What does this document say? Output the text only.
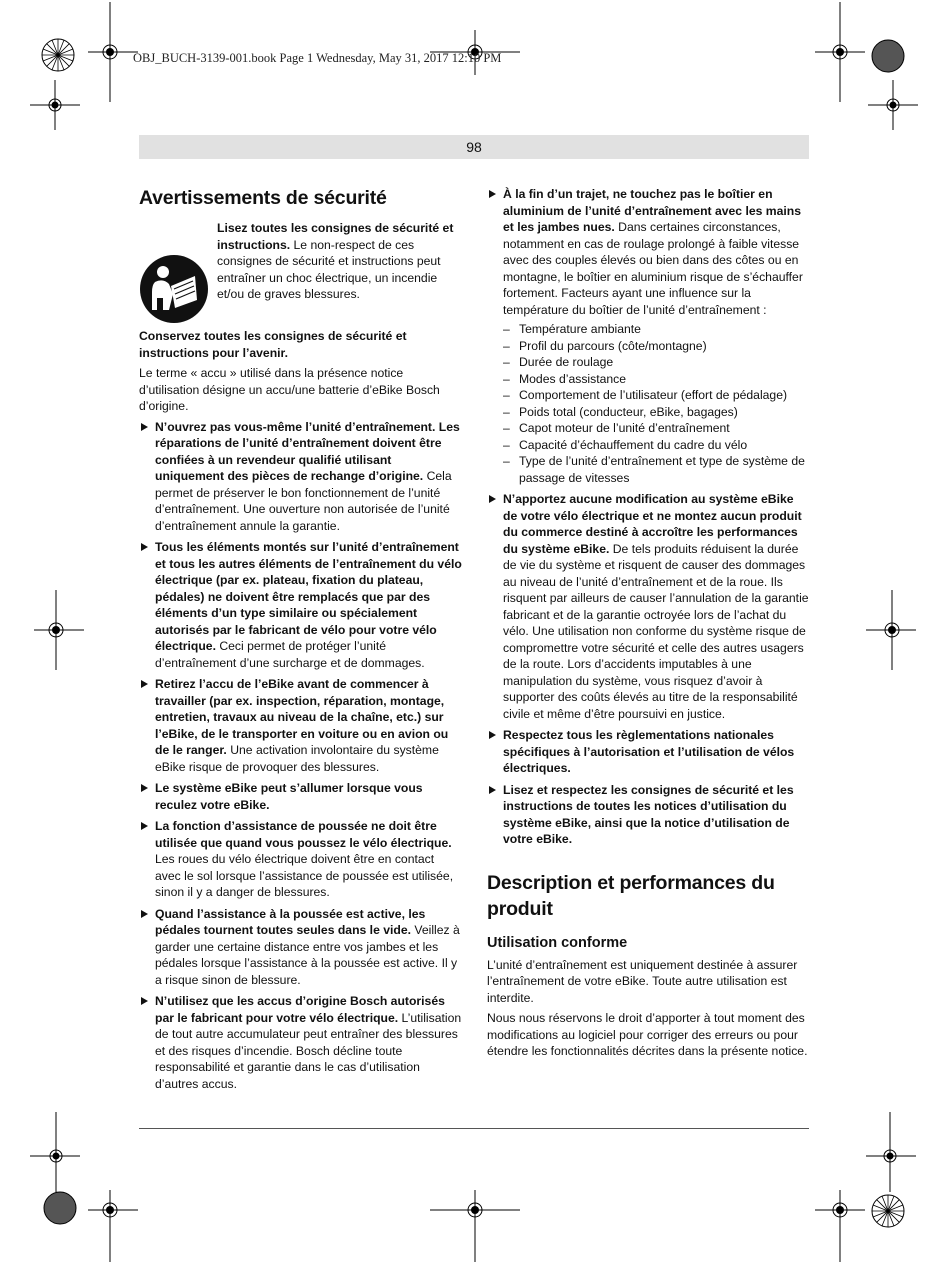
OBJ_BUCH-3139-001.book Page 1 Wednesday, May 31, 2017 12:10 PM
98
Avertissements de sécurité
Lisez toutes les consignes de sécurité et instructions. Le non-respect de ces consignes de sécurité et instructions peut entraîner un choc électrique, un incendie et/ou de graves blessures.

Conservez toutes les consignes de sécurité et instructions pour l’avenir.

Le terme « accu » utilisé dans la présence notice d’utilisation désigne un accu/une batterie d’eBike Bosch d’origine.

N’ouvrez pas vous-même l’unité d’entraînement. Les réparations de l’unité d’entraînement doivent être confiées à un revendeur qualifié utilisant uniquement des pièces de rechange d’origine. Cela permet de préserver le bon fonctionnement de l’unité d’entraînement. Une ouverture non autorisée de l’unité d’entraînement annule la garantie.
Tous les éléments montés sur l’unité d’entraînement et tous les autres éléments de l’entraînement du vélo électrique (par ex. plateau, fixation du plateau, pédales) ne doivent être remplacés que par des éléments d’un type similaire ou spécialement autorisés par le fabricant de vélo pour votre vélo électrique. Ceci permet de protéger l’unité d’entraînement d’une surcharge et de dommages.
Retirez l’accu de l’eBike avant de commencer à travailler (par ex. inspection, réparation, montage, entretien, travaux au niveau de la chaîne, etc.) sur l’eBike, de le transporter en voiture ou en avion ou de le ranger. Une activation involontaire du système eBike risque de provoquer des blessures.
Le système eBike peut s’allumer lorsque vous reculez votre eBike.
La fonction d’assistance de poussée ne doit être utilisée que quand vous poussez le vélo électrique. Les roues du vélo électrique doivent être en contact avec le sol lorsque l’assistance de poussée est utilisée, sinon il y a danger de blessures.
Quand l’assistance à la poussée est active, les pédales tournent toutes seules dans le vide. Veillez à garder une certaine distance entre vos jambes et les pédales lorsque l’assistance à la poussée est active. Il y a risque sinon de blessure.
N’utilisez que les accus d’origine Bosch autorisés par le fabricant pour votre vélo électrique. L’utilisation de tout autre accumulateur peut entraîner des blessures et des risques d’incendie. Bosch décline toute responsabilité et garantie dans le cas d’utilisation d’autres accus.
À la fin d’un trajet, ne touchez pas le boîtier en aluminium de l’unité d’entraînement avec les mains et les jambes nues. Dans certaines circonstances, notamment en cas de roulage prolongé à faible vitesse avec des couples élevés ou bien dans des côtes ou en montagne, le boîtier en aluminium risque de s’échauffer fortement. Facteurs ayant une influence sur la température du boîtier de l’unité d’entraînement :
– Température ambiante
– Profil du parcours (côte/montagne)
– Durée de roulage
– Modes d’assistance
– Comportement de l’utilisateur (effort de pédalage)
– Poids total (conducteur, eBike, bagages)
– Capot moteur de l’unité d’entraînement
– Capacité d’échauffement du cadre du vélo
– Type de l’unité d’entraînement et type de système de passage de vitesses
N’apportez aucune modification au système eBike de votre vélo électrique et ne montez aucun produit du commerce destiné à accroître les performances du système eBike. De tels produits réduisent la durée de vie du système et risquent de causer des dommages au niveau de l’unité d’entraînement et de la roue. Ils risquent par ailleurs de causer l’annulation de la garantie fabricant et de la garantie octroyée lors de l’achat du vélo. Une utilisation non conforme du système risque de compromettre votre sécurité et celle des autres usagers de la route. Lors d’accidents imputables à une manipulation du système, vous risquez d’avoir à supporter des coûts élevés au titre de la responsabilité civile et même d’être poursuivi en justice.
Respectez tous les règlementations nationales spécifiques à l’autorisation et l’utilisation de vélos électriques.
Lisez et respectez les consignes de sécurité et les instructions de toutes les notices d’utilisation du système eBike, ainsi que la notice d’utilisation de votre eBike.
Description et performances du produit
Utilisation conforme

L’unité d’entraînement est uniquement destinée à assurer l’entraînement de votre eBike. Toute autre utilisation est interdite.

Nous nous réservons le droit d’apporter à tout moment des modifications au logiciel pour corriger des erreurs ou pour étendre les fonctionnalités décrites dans la présente notice.
